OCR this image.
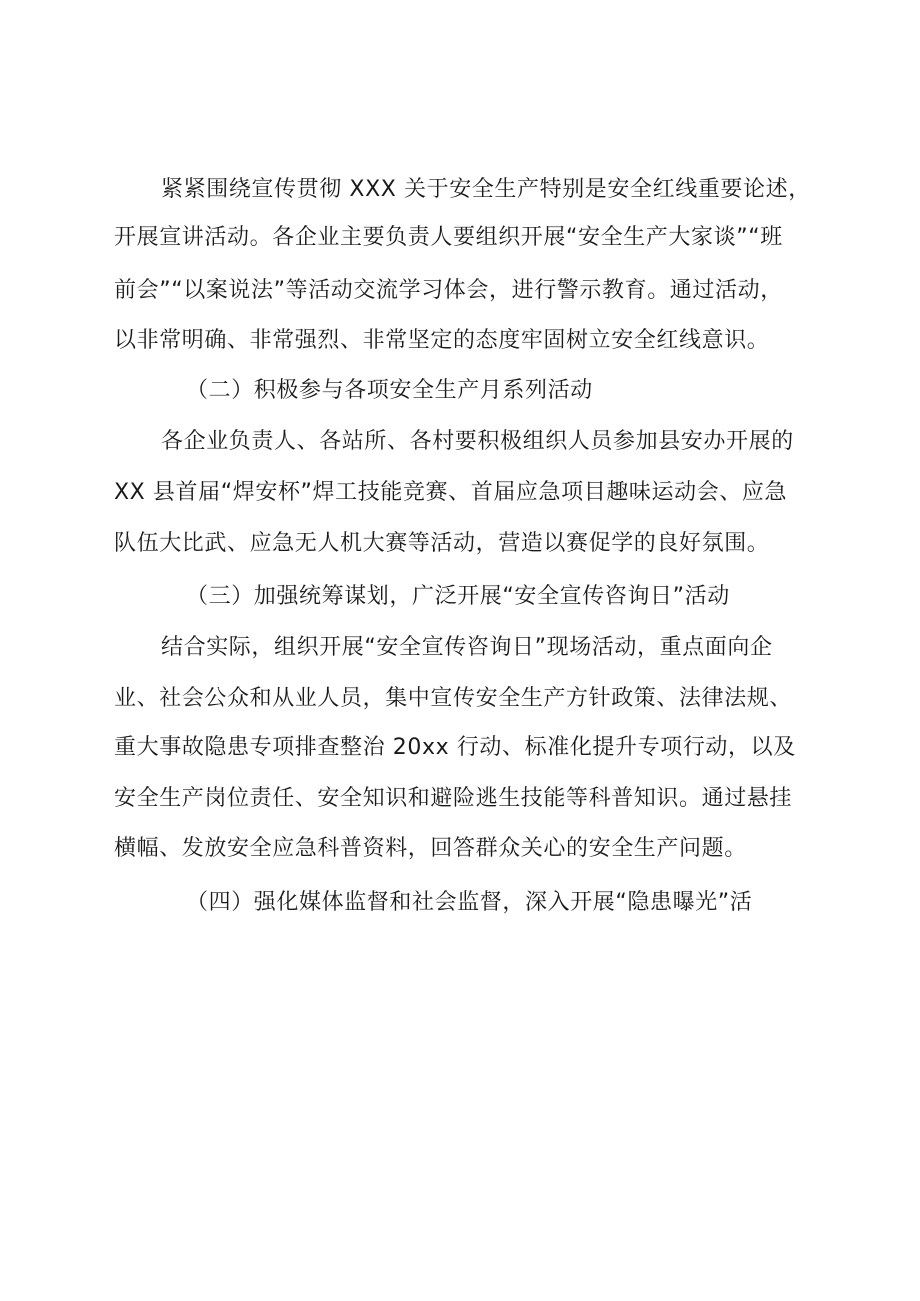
紧紧围绕宣传贯彻 XXX 关于安全生产特别是安全红线重要论述，
开展宣讲活动。各企业主要负责人要组织开展“安全生产大家谈”“班
前会”“以案说法”等活动交流学习体会，进行警示教育。通过活动，
以非常明确、非常强烈、非常坚定的态度牢固树立安全红线意识。
（二）积极参与各项安全生产月系列活动
各企业负责人、各站所、各村要积极组织人员参加县安办开展的
XX 县首届“焊安杯”焊工技能竞赛、首届应急项目趣味运动会、应急
队伍大比武、应急无人机大赛等活动，营造以赛促学的良好氛围。
（三）加强统筹谋划，广泛开展“安全宣传咨询日”活动
结合实际，组织开展“安全宣传咨询日”现场活动，重点面向企
业、社会公众和从业人员，集中宣传安全生产方针政策、法律法规、
重大事故隐患专项排查整治 20xx 行动、标准化提升专项行动，以及
安全生产岗位责任、安全知识和避险逃生技能等科普知识。通过悬挂
横幅、发放安全应急科普资料，回答群众关心的安全生产问题。
（四）强化媒体监督和社会监督，深入开展“隐患曝光”活
